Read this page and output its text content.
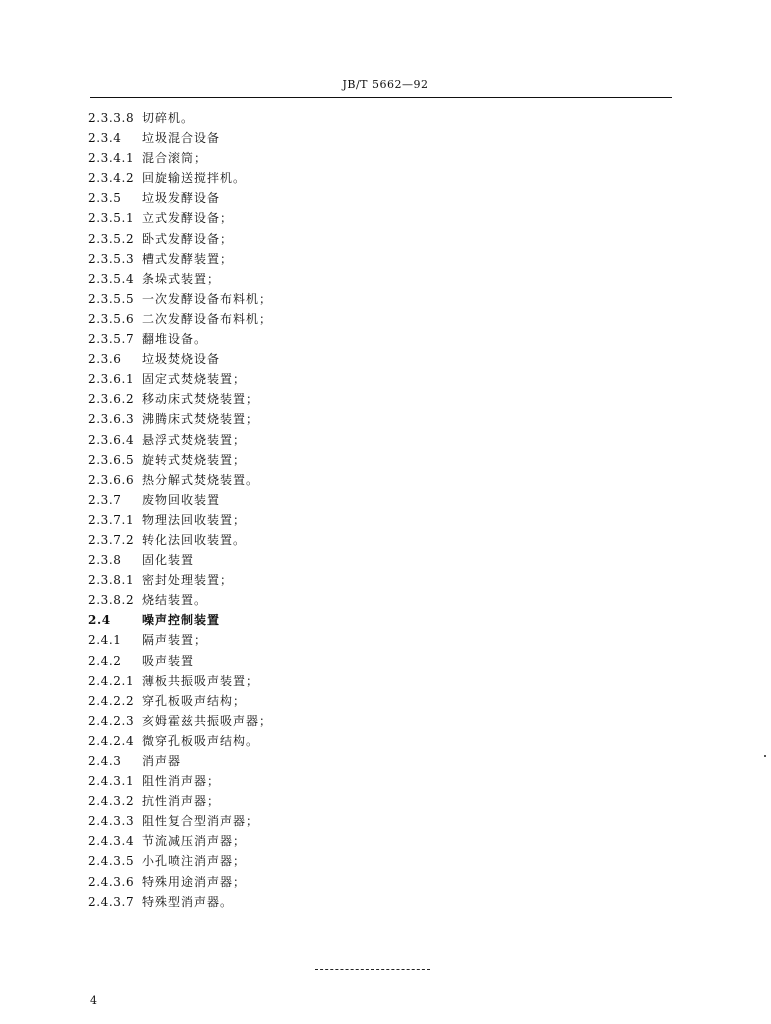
JB/T 5662—92
2.3.3.8 切碎机。
2.3.4 垃圾混合设备
2.3.4.1 混合滚筒；
2.3.4.2 回旋输送搅拌机。
2.3.5 垃圾发酵设备
2.3.5.1 立式发酵设备；
2.3.5.2 卧式发酵设备；
2.3.5.3 槽式发酵装置；
2.3.5.4 条垛式装置；
2.3.5.5 一次发酵设备布料机；
2.3.5.6 二次发酵设备布料机；
2.3.5.7 翻堆设备。
2.3.6 垃圾焚烧设备
2.3.6.1 固定式焚烧装置；
2.3.6.2 移动床式焚烧装置；
2.3.6.3 沸腾床式焚烧装置；
2.3.6.4 悬浮式焚烧装置；
2.3.6.5 旋转式焚烧装置；
2.3.6.6 热分解式焚烧装置。
2.3.7 废物回收装置
2.3.7.1 物理法回收装置；
2.3.7.2 转化法回收装置。
2.3.8 固化装置
2.3.8.1 密封处理装置；
2.3.8.2 烧结装置。
2.4	噪声控制装置
2.4.1 隔声装置；
2.4.2 吸声装置
2.4.2.1 薄板共振吸声装置；
2.4.2.2 穿孔板吸声结构；
2.4.2.3 亥姆霍兹共振吸声器；
2.4.2.4 微穿孔板吸声结构。
2.4.3 消声器
2.4.3.1 阻性消声器；
2.4.3.2 抗性消声器；
2.4.3.3 阻性复合型消声器；
2.4.3.4 节流减压消声器；
2.4.3.5 小孔喷注消声器；
2.4.3.6 特殊用途消声器；
2.4.3.7 特殊型消声器。
4
